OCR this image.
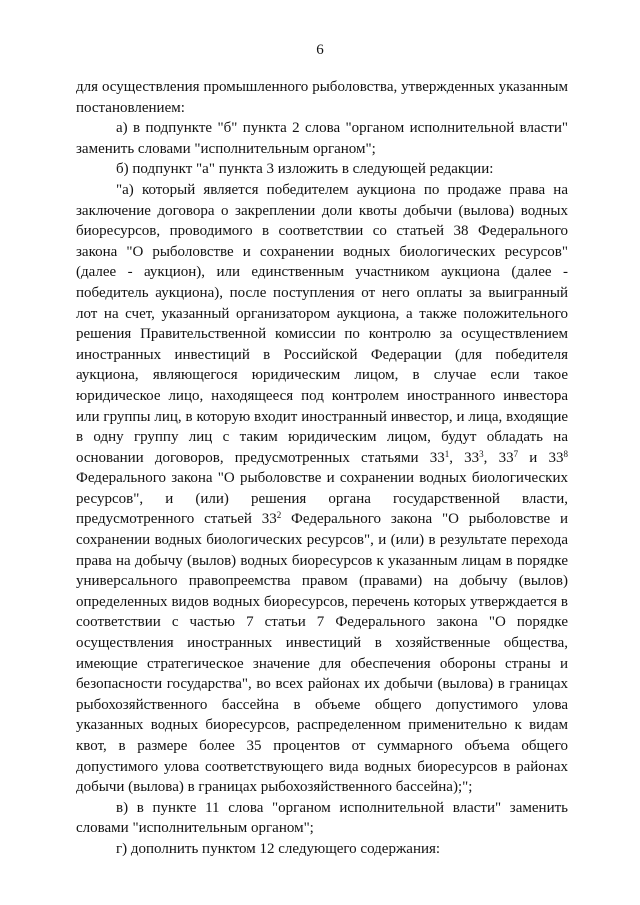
6

для осуществления промышленного рыболовства, утвержденных указанным постановлением:

а) в подпункте "б" пункта 2 слова "органом исполнительной власти" заменить словами "исполнительным органом";

б) подпункт "а" пункта 3 изложить в следующей редакции:

"а) который является победителем аукциона по продаже права на заключение договора о закреплении доли квоты добычи (вылова) водных биоресурсов, проводимого в соответствии со статьей 38 Федерального закона "О рыболовстве и сохранении водных биологических ресурсов" (далее - аукцион), или единственным участником аукциона (далее - победитель аукциона), после поступления от него оплаты за выигранный лот на счет, указанный организатором аукциона, а также положительного решения Правительственной комиссии по контролю за осуществлением иностранных инвестиций в Российской Федерации (для победителя аукциона, являющегося юридическим лицом, в случае если такое юридическое лицо, находящееся под контролем иностранного инвестора или группы лиц, в которую входит иностранный инвестор, и лица, входящие в одну группу лиц с таким юридическим лицом, будут обладать на основании договоров, предусмотренных статьями $33^1$, $33^3$, $33^7$ и $33^8$ Федерального закона "О рыболовстве и сохранении водных биологических ресурсов", и (или) решения органа государственной власти, предусмотренного статьей $33^2$ Федерального закона "О рыболовстве и сохранении водных биологических ресурсов", и (или) в результате перехода права на добычу (вылов) водных биоресурсов к указанным лицам в порядке универсального правопреемства правом (правами) на добычу (вылов) определенных видов водных биоресурсов, перечень которых утверждается в соответствии с частью 7 статьи 7 Федерального закона "О порядке осуществления иностранных инвестиций в хозяйственные общества, имеющие стратегическое значение для обеспечения обороны страны и безопасности государства", во всех районах их добычи (вылова) в границах рыбохозяйственного бассейна в объеме общего допустимого улова указанных водных биоресурсов, распределенном применительно к видам квот, в размере более 35 процентов от суммарного объема общего допустимого улова соответствующего вида водных биоресурсов в районах добычи (вылова) в границах рыбохозяйственного бассейна);";

в) в пункте 11 слова "органом исполнительной власти" заменить словами "исполнительным органом";

г) дополнить пунктом 12 следующего содержания:
